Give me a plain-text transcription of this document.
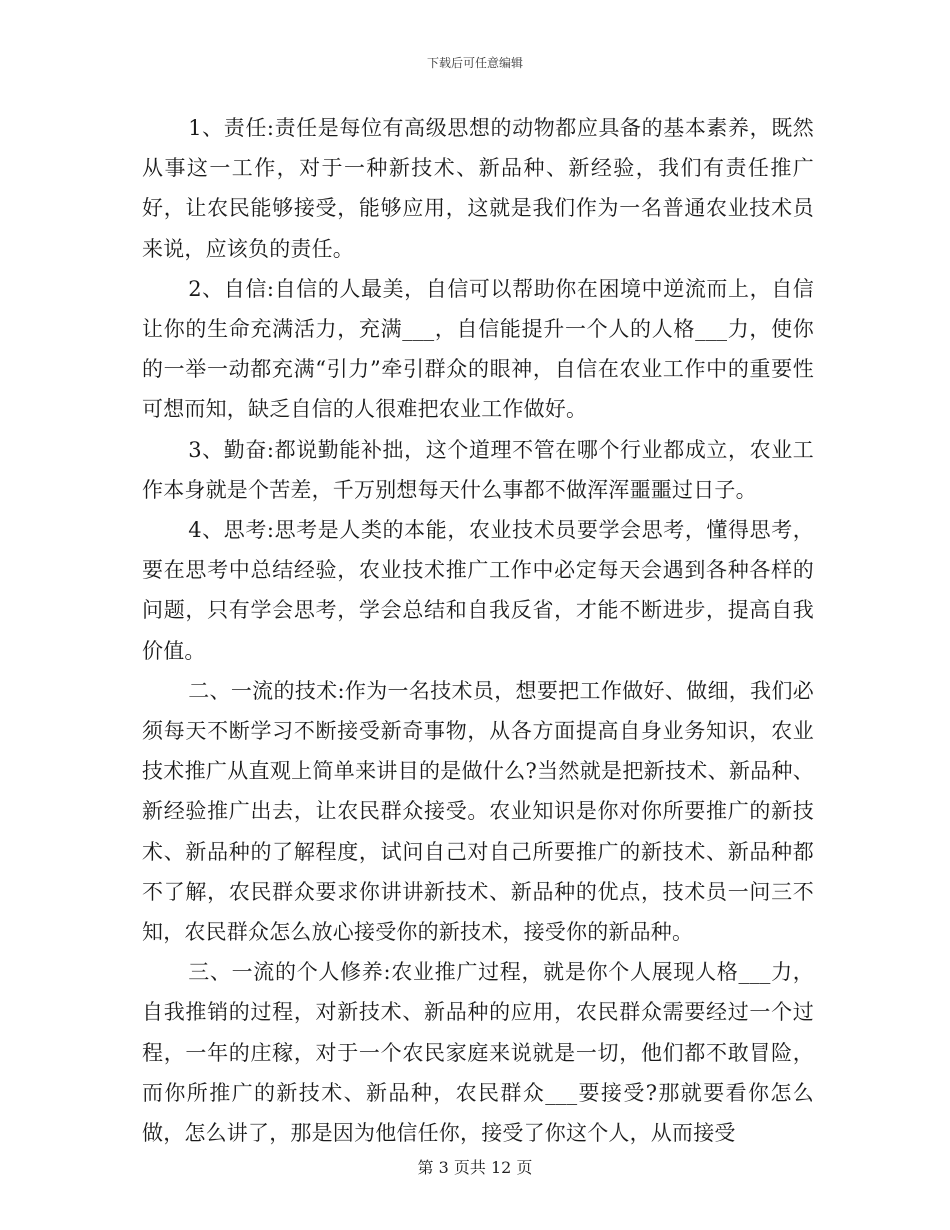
下载后可任意编辑

1、责任:责任是每位有高级思想的动物都应具备的基本素养，既然从事这一工作，对于一种新技术、新品种、新经验，我们有责任推广好，让农民能够接受，能够应用，这就是我们作为一名普通农业技术员来说，应该负的责任。

2、自信:自信的人最美，自信可以帮助你在困境中逆流而上，自信让你的生命充满活力，充满___，自信能提升一个人的人格___力，使你的一举一动都充满“引力”牵引群众的眼神，自信在农业工作中的重要性可想而知，缺乏自信的人很难把农业工作做好。

3、勤奋:都说勤能补拙，这个道理不管在哪个行业都成立，农业工作本身就是个苦差，千万别想每天什么事都不做浑浑噩噩过日子。

4、思考:思考是人类的本能，农业技术员要学会思考，懂得思考，要在思考中总结经验，农业技术推广工作中必定每天会遇到各种各样的问题，只有学会思考，学会总结和自我反省，才能不断进步，提高自我价值。

二、一流的技术:作为一名技术员，想要把工作做好、做细，我们必须每天不断学习不断接受新奇事物，从各方面提高自身业务知识，农业技术推广从直观上简单来讲目的是做什么?当然就是把新技术、新品种、新经验推广出去，让农民群众接受。农业知识是你对你所要推广的新技术、新品种的了解程度，试问自己对自己所要推广的新技术、新品种都不了解，农民群众要求你讲讲新技术、新品种的优点，技术员一问三不知，农民群众怎么放心接受你的新技术，接受你的新品种。

三、一流的个人修养:农业推广过程，就是你个人展现人格___力，自我推销的过程，对新技术、新品种的应用，农民群众需要经过一个过程，一年的庄稼，对于一个农民家庭来说就是一切，他们都不敢冒险，而你所推广的新技术、新品种，农民群众___要接受?那就要看你怎么做，怎么讲了，那是因为他信任你，接受了你这个人，从而接受

第 3 页共 12 页
